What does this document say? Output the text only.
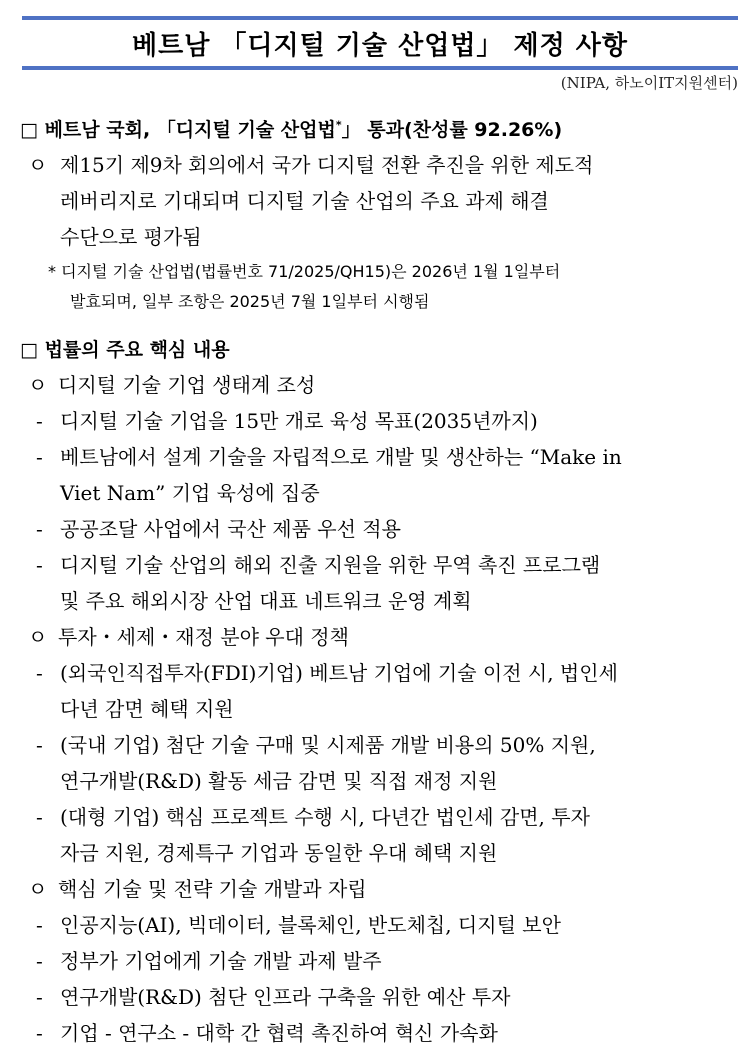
베트남 「디지털 기술 산업법」 제정 사항
(NIPA, 하노이IT지원센터)
□ 베트남 국회, 「디지털 기술 산업법*」 통과(찬성률 92.26%)
ㅇ 제15기 제9차 회의에서 국가 디지털 전환 추진을 위한 제도적
레버리지로 기대되며 디지털 기술 산업의 주요 과제 해결
수단으로 평가됨
* 디지털 기술 산업법(법률번호 71/2025/QH15)은 2026년 1월 1일부터
발효되며, 일부 조항은 2025년 7월 1일부터 시행됨
□ 법률의 주요 핵심 내용
ㅇ 디지털 기술 기업 생태계 조성
- 디지털 기술 기업을 15만 개로 육성 목표(2035년까지)
- 베트남에서 설계 기술을 자립적으로 개발 및 생산하는 “Make in
Viet Nam” 기업 육성에 집중
- 공공조달 사업에서 국산 제품 우선 적용
- 디지털 기술 산업의 해외 진출 지원을 위한 무역 촉진 프로그램
및 주요 해외시장 산업 대표 네트워크 운영 계획
ㅇ 투자・세제・재정 분야 우대 정책
- (외국인직접투자(FDI)기업) 베트남 기업에 기술 이전 시, 법인세
다년 감면 혜택 지원
- (국내 기업) 첨단 기술 구매 및 시제품 개발 비용의 50% 지원,
연구개발(R&D) 활동 세금 감면 및 직접 재정 지원
- (대형 기업) 핵심 프로젝트 수행 시, 다년간 법인세 감면, 투자
자금 지원, 경제특구 기업과 동일한 우대 혜택 지원
ㅇ 핵심 기술 및 전략 기술 개발과 자립
- 인공지능(AI), 빅데이터, 블록체인, 반도체칩, 디지털 보안
- 정부가 기업에게 기술 개발 과제 발주
- 연구개발(R&D) 첨단 인프라 구축을 위한 예산 투자
- 기업 - 연구소 - 대학 간 협력 촉진하여 혁신 가속화
